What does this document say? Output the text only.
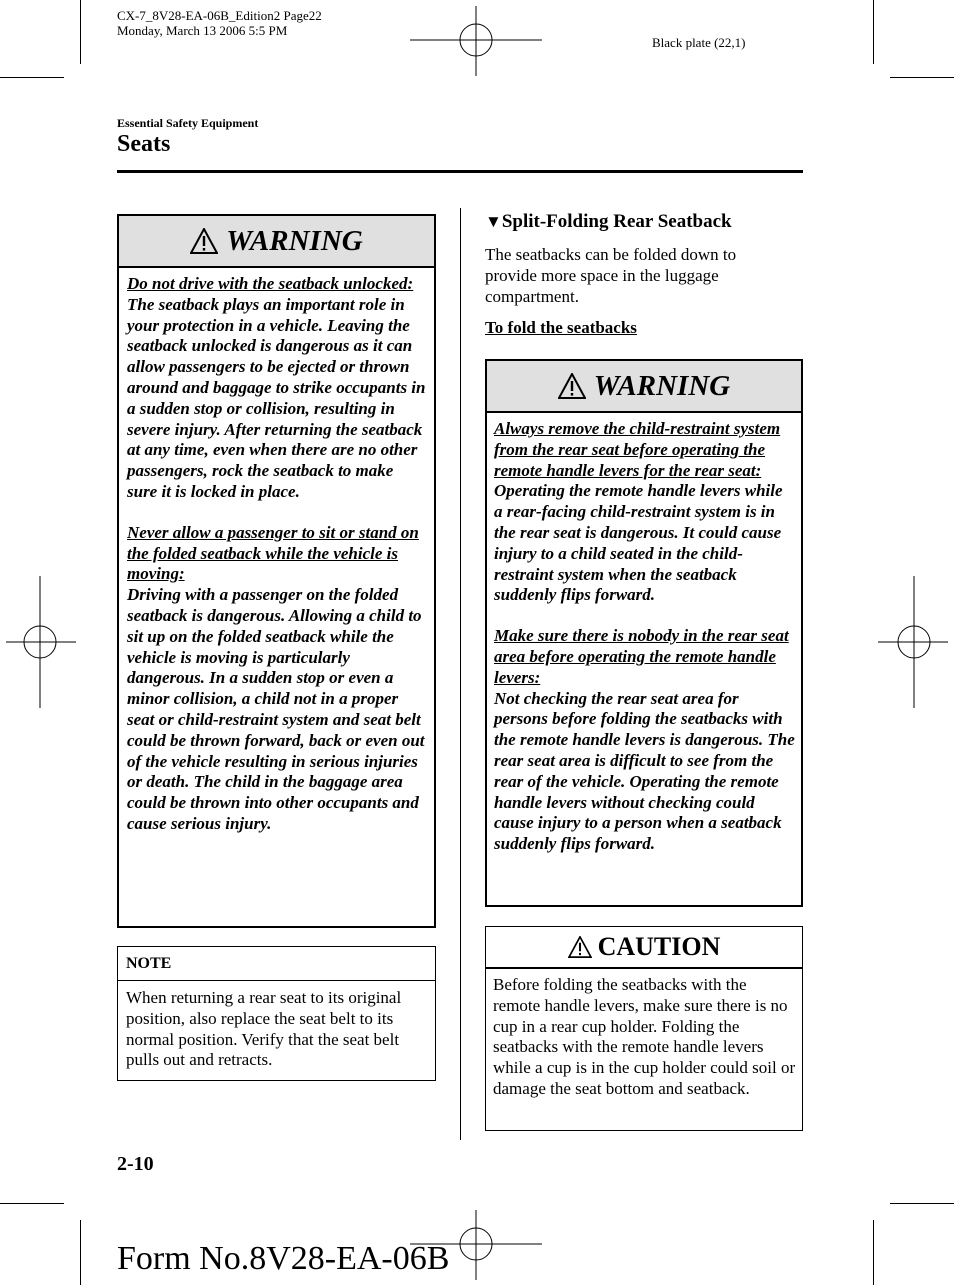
CX-7_8V28-EA-06B_Edition2 Page22
Monday, March 13 2006 5:5 PM
Black plate (22,1)
Essential Safety Equipment
Seats
WARNING
Do not drive with the seatback unlocked:
The seatback plays an important role in your protection in a vehicle. Leaving the seatback unlocked is dangerous as it can allow passengers to be ejected or thrown around and baggage to strike occupants in a sudden stop or collision, resulting in severe injury. After returning the seatback at any time, even when there are no other passengers, rock the seatback to make sure it is locked in place.
Never allow a passenger to sit or stand on the folded seatback while the vehicle is moving:
Driving with a passenger on the folded seatback is dangerous. Allowing a child to sit up on the folded seatback while the vehicle is moving is particularly dangerous. In a sudden stop or even a minor collision, a child not in a proper seat or child-restraint system and seat belt could be thrown forward, back or even out of the vehicle resulting in serious injuries or death. The child in the baggage area could be thrown into other occupants and cause serious injury.
NOTE
When returning a rear seat to its original position, also replace the seat belt to its normal position. Verify that the seat belt pulls out and retracts.
▼Split-Folding Rear Seatback
The seatbacks can be folded down to provide more space in the luggage compartment.
To fold the seatbacks
WARNING
Always remove the child-restraint system from the rear seat before operating the remote handle levers for the rear seat:
Operating the remote handle levers while a rear-facing child-restraint system is in the rear seat is dangerous. It could cause injury to a child seated in the child-restraint system when the seatback suddenly flips forward.
Make sure there is nobody in the rear seat area before operating the remote handle levers:
Not checking the rear seat area for persons before folding the seatbacks with the remote handle levers is dangerous. The rear seat area is difficult to see from the rear of the vehicle. Operating the remote handle levers without checking could cause injury to a person when a seatback suddenly flips forward.
CAUTION
Before folding the seatbacks with the remote handle levers, make sure there is no cup in a rear cup holder. Folding the seatbacks with the remote handle levers while a cup is in the cup holder could soil or damage the seat bottom and seatback.
2-10
Form No.8V28-EA-06B
